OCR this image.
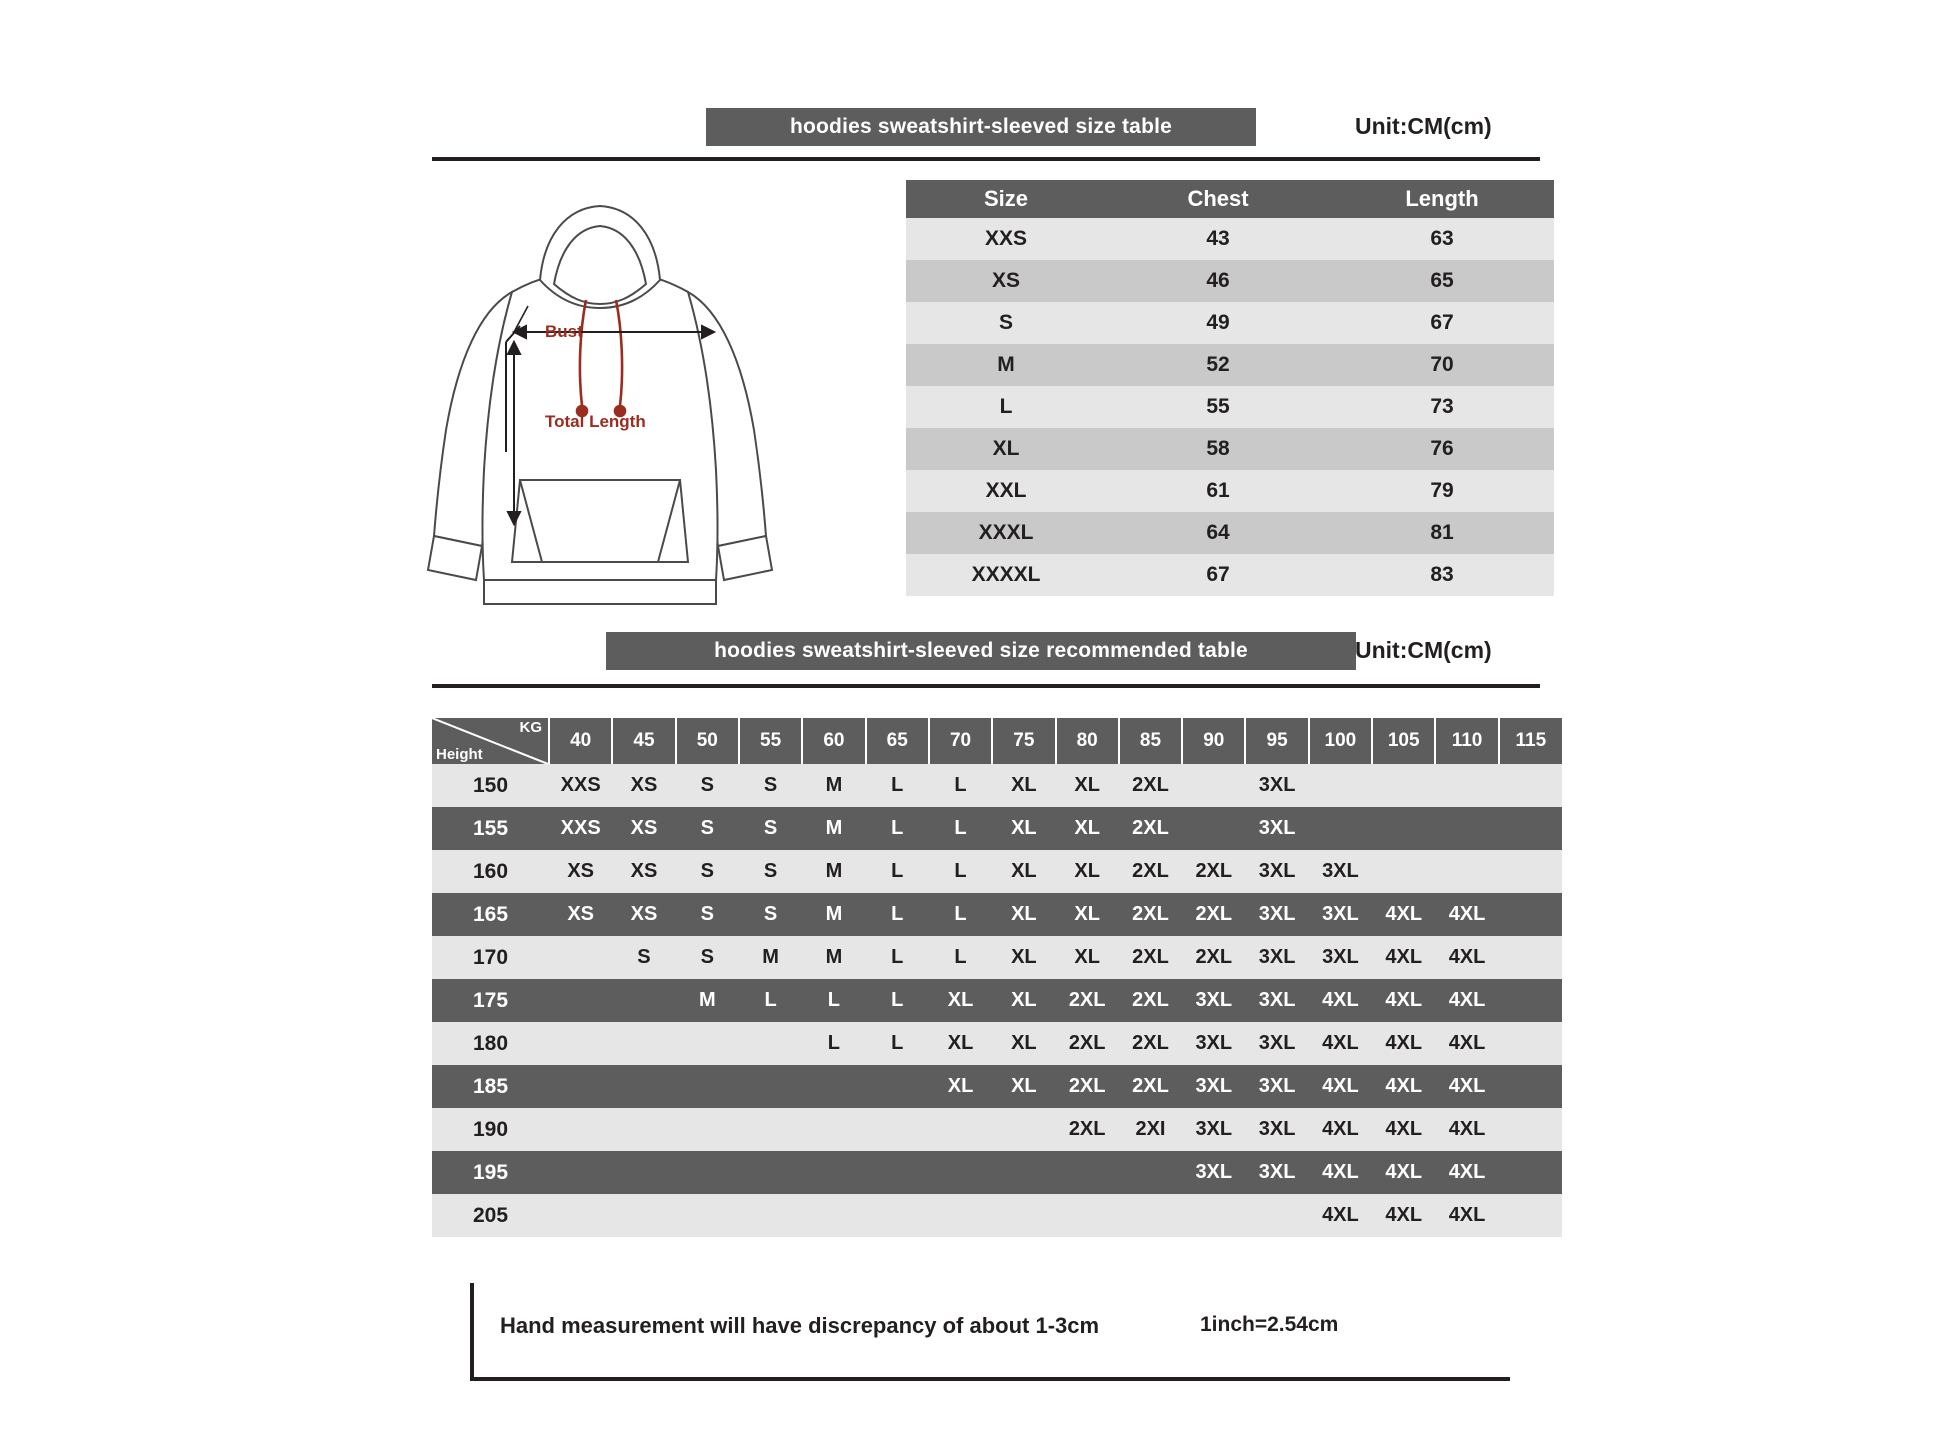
hoodies sweatshirt-sleeved size table	Unit:CM(cm)
Bust
Total Length
Size	Chest	Length
XXS	43	63
XS	46	65
S	49	67
M	52	70
L	55	73
XL	58	76
XXL	61	79
XXXL	64	81
XXXXL	67	83
hoodies sweatshirt-sleeved size recommended table	Unit:CM(cm)
KG
Height	40	45	50	55	60	65	70	75	80	85	90	95	100	105	110	115
150	XXS	XS	S	S	M	L	L	XL	XL	2XL		3XL				
155	XXS	XS	S	S	M	L	L	XL	XL	2XL		3XL				
160	XS	XS	S	S	M	L	L	XL	XL	2XL	2XL	3XL	3XL			
165	XS	XS	S	S	M	L	L	XL	XL	2XL	2XL	3XL	3XL	4XL	4XL	
170		S	S	M	M	L	L	XL	XL	2XL	2XL	3XL	3XL	4XL	4XL	
175			M	L	L	L	XL	XL	2XL	2XL	3XL	3XL	4XL	4XL	4XL	
180					L	L	XL	XL	2XL	2XL	3XL	3XL	4XL	4XL	4XL	
185							XL	XL	2XL	2XL	3XL	3XL	4XL	4XL	4XL	
190									2XL	2XI	3XL	3XL	4XL	4XL	4XL	
195											3XL	3XL	4XL	4XL	4XL	
205													4XL	4XL	4XL	
Hand measurement will have discrepancy of about 1-3cm	1inch=2.54cm
